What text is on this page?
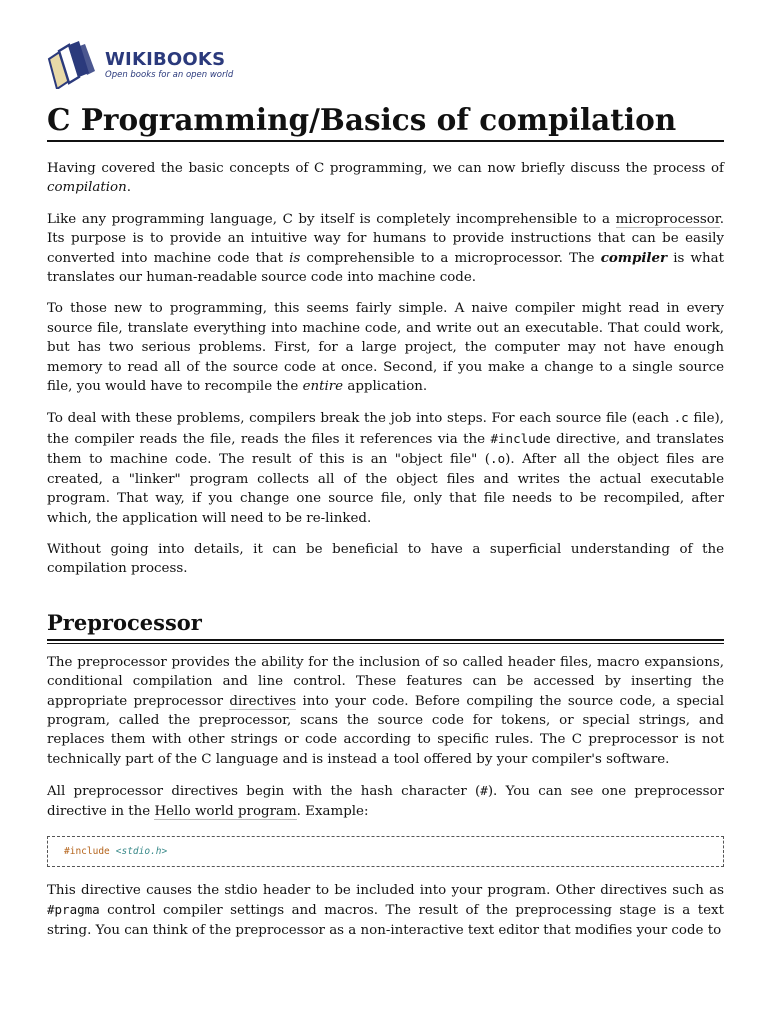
WIKIBOOKS
Open books for an open world
C Programming/Basics of compilation

Having covered the basic concepts of C programming, we can now briefly discuss the process of compilation.

Like any programming language, C by itself is completely incomprehensible to a microprocessor. Its purpose is to provide an intuitive way for humans to provide instructions that can be easily converted into machine code that is comprehensible to a microprocessor. The compiler is what translates our human-readable source code into machine code.

To those new to programming, this seems fairly simple. A naive compiler might read in every source file, translate everything into machine code, and write out an executable. That could work, but has two serious problems. First, for a large project, the computer may not have enough memory to read all of the source code at once. Second, if you make a change to a single source file, you would have to recompile the entire application.

To deal with these problems, compilers break the job into steps. For each source file (each .c file), the compiler reads the file, reads the files it references via the #include directive, and translates them to machine code. The result of this is an "object file" (.o). After all the object files are created, a "linker" program collects all of the object files and writes the actual executable program. That way, if you change one source file, only that file needs to be recompiled, after which, the application will need to be re-linked.

Without going into details, it can be beneficial to have a superficial understanding of the compilation process.

Preprocessor

The preprocessor provides the ability for the inclusion of so called header files, macro expansions, conditional compilation and line control. These features can be accessed by inserting the appropriate preprocessor directives into your code. Before compiling the source code, a special program, called the preprocessor, scans the source code for tokens, or special strings, and replaces them with other strings or code according to specific rules. The C preprocessor is not technically part of the C language and is instead a tool offered by your compiler's software.

All preprocessor directives begin with the hash character (#). You can see one preprocessor directive in the Hello world program. Example:

#include <stdio.h>

This directive causes the stdio header to be included into your program. Other directives such as #pragma control compiler settings and macros. The result of the preprocessing stage is a text string. You can think of the preprocessor as a non-interactive text editor that modifies your code to
